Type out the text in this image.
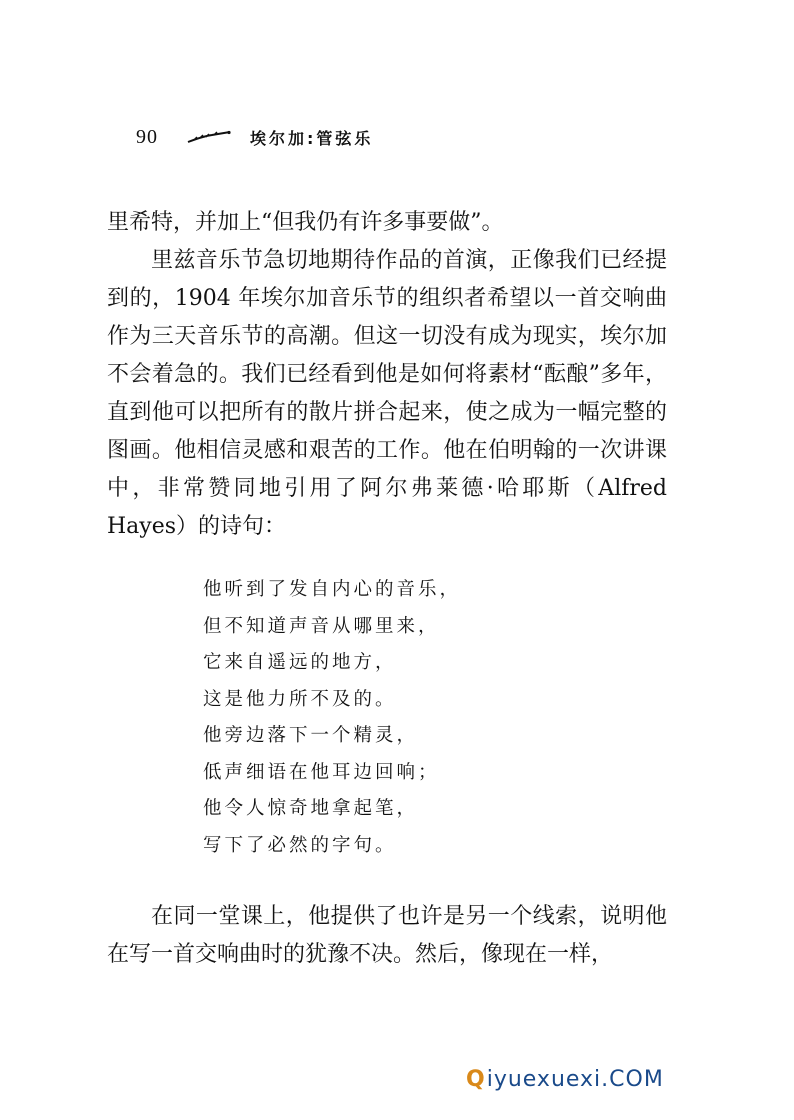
90	埃尔加:管弦乐

里希特，并加上“但我仍有许多事要做”。

里兹音乐节急切地期待作品的首演，正像我们已经提到的，1904 年埃尔加音乐节的组织者希望以一首交响曲作为三天音乐节的高潮。但这一切没有成为现实，埃尔加不会着急的。我们已经看到他是如何将素材“酝酿”多年，直到他可以把所有的散片拼合起来，使之成为一幅完整的图画。他相信灵感和艰苦的工作。他在伯明翰的一次讲课中，非常赞同地引用了阿尔弗莱德·哈耶斯（Alfred Hayes）的诗句：

他听到了发自内心的音乐，
但不知道声音从哪里来，
它来自遥远的地方，
这是他力所不及的。
他旁边落下一个精灵，
低声细语在他耳边回响；
他令人惊奇地拿起笔，
写下了必然的字句。

在同一堂课上，他提供了也许是另一个线索，说明他在写一首交响曲时的犹豫不决。然后，像现在一样，

Q iyuexuexi.COM
